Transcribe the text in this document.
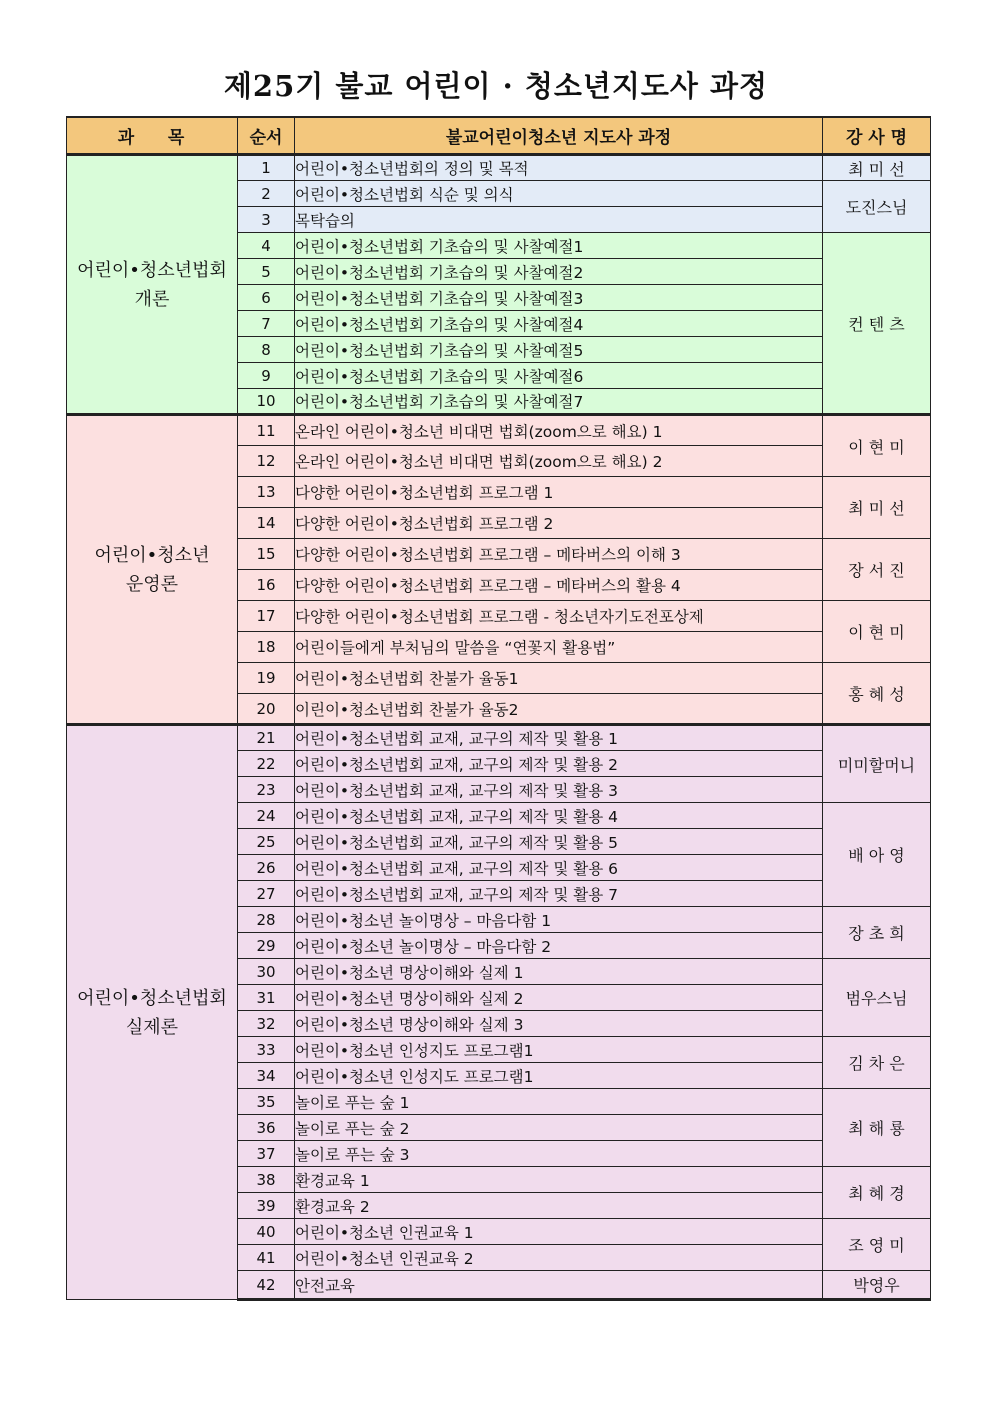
제25기 불교 어린이 · 청소년지도사 과정
과    목	순서	불교어린이청소년 지도사 과정	강 사 명

어린이•청소년법회
개론	1	어린이•청소년법회의 정의 및 목적	최 미 선
	2	어린이•청소년법회 식순 및 의식	도진스님
	3	목탁습의	
	4	어린이•청소년법회 기초습의 및 사찰예절1	컨 텐 츠
	5	어린이•청소년법회 기초습의 및 사찰예절2	
	6	어린이•청소년법회 기초습의 및 사찰예절3	
	7	어린이•청소년법회 기초습의 및 사찰예절4	
	8	어린이•청소년법회 기초습의 및 사찰예절5	
	9	어린이•청소년법회 기초습의 및 사찰예절6	
	10	어린이•청소년법회 기초습의 및 사찰예절7	

어린이•청소년
운영론	11	온라인 어린이•청소년 비대면 법회(zoom으로 해요) 1	이 현 미
	12	온라인 어린이•청소년 비대면 법회(zoom으로 해요) 2	
	13	다양한 어린이•청소년법회 프로그램 1	최 미 선
	14	다양한 어린이•청소년법회 프로그램 2	
	15	다양한 어린이•청소년법회 프로그램 – 메타버스의 이해 3	장 서 진
	16	다양한 어린이•청소년법회 프로그램 – 메타버스의 활용 4	
	17	다양한 어린이•청소년법회 프로그램 - 청소년자기도전포상제	이 현 미
	18	어린이들에게 부처님의 말씀을 “연꽃지 활용법”	
	19	어린이•청소년법회 찬불가 율동1	홍 혜 성
	20	이린이•청소년법회 찬불가 율동2	

어린이•청소년법회
실제론	21	어린이•청소년법회 교재, 교구의 제작 및 활용 1	미미할머니
	22	어린이•청소년법회 교재, 교구의 제작 및 활용 2	
	23	어린이•청소년법회 교재, 교구의 제작 및 활용 3	
	24	어린이•청소년법회 교재, 교구의 제작 및 활용 4	배 아 영
	25	어린이•청소년법회 교재, 교구의 제작 및 활용 5	
	26	어린이•청소년법회 교재, 교구의 제작 및 활용 6	
	27	어린이•청소년법회 교재, 교구의 제작 및 활용 7	
	28	어린이•청소년 놀이명상 – 마음다함 1	장 초 희
	29	어린이•청소년 놀이명상 – 마음다함 2	
	30	어린이•청소년 명상이해와 실제 1	범우스님
	31	어린이•청소년 명상이해와 실제 2	
	32	어린이•청소년 명상이해와 실제 3	
	33	어린이•청소년 인성지도 프로그램1	김 차 은
	34	어린이•청소년 인성지도 프로그램1	
	35	놀이로 푸는 숲 1	최 해 룡
	36	놀이로 푸는 숲 2	
	37	놀이로 푸는 숲 3	
	38	환경교육 1	최 혜 경
	39	환경교육 2	
	40	어린이•청소년 인권교육 1	조 영 미
	41	어린이•청소년 인권교육 2	
	42	안전교육	박영우
